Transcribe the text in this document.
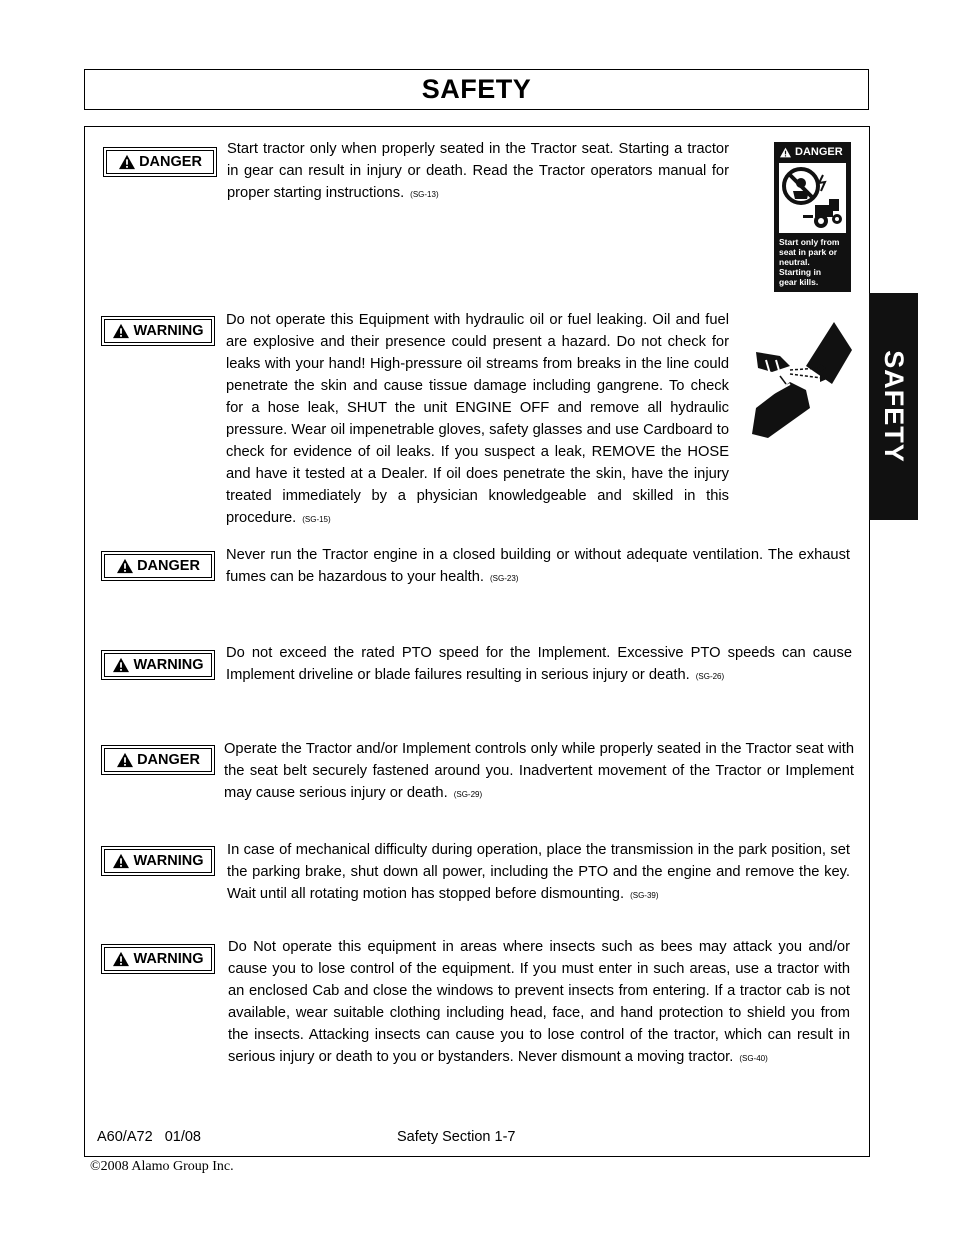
SAFETY
SAFETY
DANGER
Start only from
seat in park or
neutral.
Starting in
gear kills.
DANGER

Start tractor only when properly seated in the Tractor seat. Starting a tractor in gear can result in injury or death. Read the Tractor operators manual for proper starting instructions. (SG-13)

WARNING

Do not operate this Equipment with hydraulic oil or fuel leaking. Oil and fuel are explosive and their presence could present a hazard. Do not check for leaks with your hand! High-pressure oil streams from breaks in the line could penetrate the skin and cause tissue damage including gangrene. To check for a hose leak, SHUT the unit ENGINE OFF and remove all hydraulic pressure. Wear oil impenetrable gloves, safety glasses and use Cardboard to check for evidence of oil leaks. If you suspect a leak, REMOVE the HOSE and have it tested at a Dealer. If oil does penetrate the skin, have the injury treated immediately by a physician knowledgeable and skilled in this procedure. (SG-15)

DANGER

Never run the Tractor engine in a closed building or without adequate ventilation. The exhaust fumes can be hazardous to your health. (SG-23)

WARNING

Do not exceed the rated PTO speed for the Implement. Excessive PTO speeds can cause Implement driveline or blade failures resulting in serious injury or death. (SG-26)

DANGER

Operate the Tractor and/or Implement controls only while properly seated in the Tractor seat with the seat belt securely fastened around you. Inadvertent movement of the Tractor or Implement may cause serious injury or death. (SG-29)

WARNING

In case of mechanical difficulty during operation, place the transmission in the park position, set the parking brake, shut down all power, including the PTO and the engine and remove the key. Wait until all rotating motion has stopped before dismounting. (SG-39)

WARNING

Do Not operate this equipment in areas where insects such as bees may attack you and/or cause you to lose control of the equipment. If you must enter in such areas, use a tractor with an enclosed Cab and close the windows to prevent insects from entering. If a tractor cab is not available, wear suitable clothing including head, face, and hand protection to shield you from the insects. Attacking insects can cause you to lose control of the tractor, which can result in serious injury or death to you or bystanders. Never dismount a moving tractor. (SG-40)

A60/A72   01/08	Safety Section 1-7
©2008 Alamo Group Inc.
